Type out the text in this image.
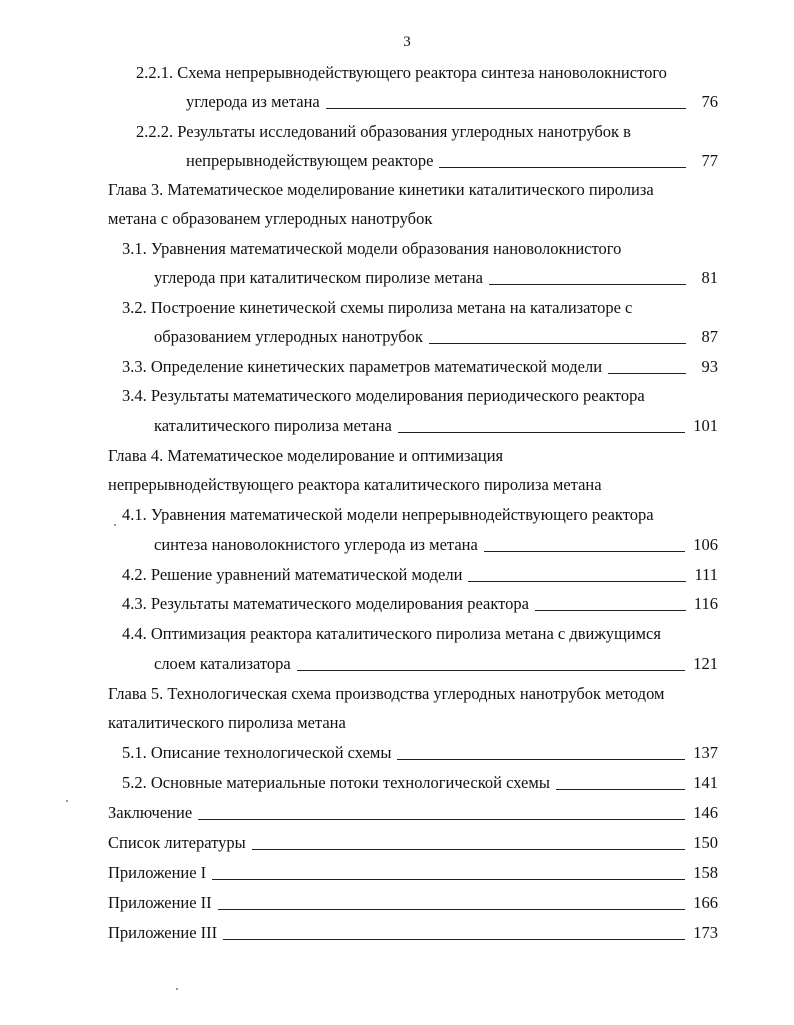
3
2.2.1. Схема непрерывнодействующего реактора синтеза нановолокнистого
углерода из метана	76
2.2.2. Результаты исследований образования углеродных нанотрубок в
непрерывнодействующем реакторе	77
Глава 3. Математическое моделирование кинетики каталитического пиролиза
метана с образованем углеродных нанотрубок
3.1. Уравнения математической модели образования нановолокнистого
углерода при каталитическом пиролизе метана	81
3.2. Построение кинетической схемы пиролиза метана на катализаторе с
образованием углеродных нанотрубок	87
3.3. Определение кинетических параметров математической модели	93
3.4. Результаты математического моделирования периодического реактора
каталитического пиролиза метана	101
Глава 4. Математическое моделирование и оптимизация
непрерывнодействующего реактора каталитического пиролиза метана
4.1. Уравнения математической модели непрерывнодействующего реактора
синтеза нановолокнистого углерода из метана	106
4.2. Решение уравнений математической модели	111
4.3. Результаты математического моделирования реактора	116
4.4. Оптимизация реактора каталитического пиролиза метана с движущимся
слоем катализатора	121
Глава 5. Технологическая схема производства углеродных нанотрубок методом
каталитического пиролиза метана
5.1. Описание технологической схемы	137
5.2. Основные материальные потоки технологической схемы	141
Заключение	146
Список литературы	150
Приложение I	158
Приложение II	166
Приложение III	173
